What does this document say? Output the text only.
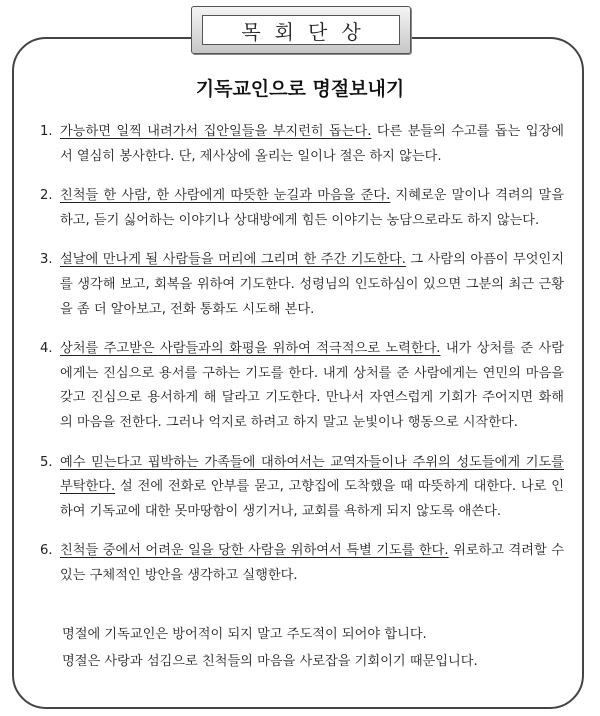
목회단상
기독교인으로 명절보내기
1. 가능하면 일찍 내려가서 집안일들을 부지런히 돕는다. 다른 분들의 수고를 돕는 입장에서 열심히 봉사한다. 단, 제사상에 올리는 일이나 절은 하지 않는다.
2. 친척들 한 사람, 한 사람에게 따뜻한 눈길과 마음을 준다. 지혜로운 말이나 격려의 말을 하고, 듣기 싫어하는 이야기나 상대방에게 힘든 이야기는 농담으로라도 하지 않는다.
3. 설날에 만나게 될 사람들을 머리에 그리며 한 주간 기도한다. 그 사람의 아픔이 무엇인지를 생각해 보고, 회복을 위하여 기도한다. 성령님의 인도하심이 있으면 그분의 최근 근황을 좀 더 알아보고, 전화 통화도 시도해 본다.
4. 상처를 주고받은 사람들과의 화평을 위하여 적극적으로 노력한다. 내가 상처를 준 사람에게는 진심으로 용서를 구하는 기도를 한다. 내게 상처를 준 사람에게는 연민의 마음을 갖고 진심으로 용서하게 해 달라고 기도한다. 만나서 자연스럽게 기회가 주어지면 화해의 마음을 전한다. 그러나 억지로 하려고 하지 말고 눈빛이나 행동으로 시작한다.
5. 예수 믿는다고 핍박하는 가족들에 대하여서는 교역자들이나 주위의 성도들에게 기도를 부탁한다. 설 전에 전화로 안부를 묻고, 고향집에 도착했을 때 따뜻하게 대한다. 나로 인하여 기독교에 대한 못마땅함이 생기거나, 교회를 욕하게 되지 않도록 애쓴다.
6. 친척들 중에서 어려운 일을 당한 사람을 위하여서 특별 기도를 한다. 위로하고 격려할 수 있는 구체적인 방안을 생각하고 실행한다.
명절에 기독교인은 방어적이 되지 말고 주도적이 되어야 합니다.
명절은 사랑과 섬김으로 친척들의 마음을 사로잡을 기회이기 때문입니다.
